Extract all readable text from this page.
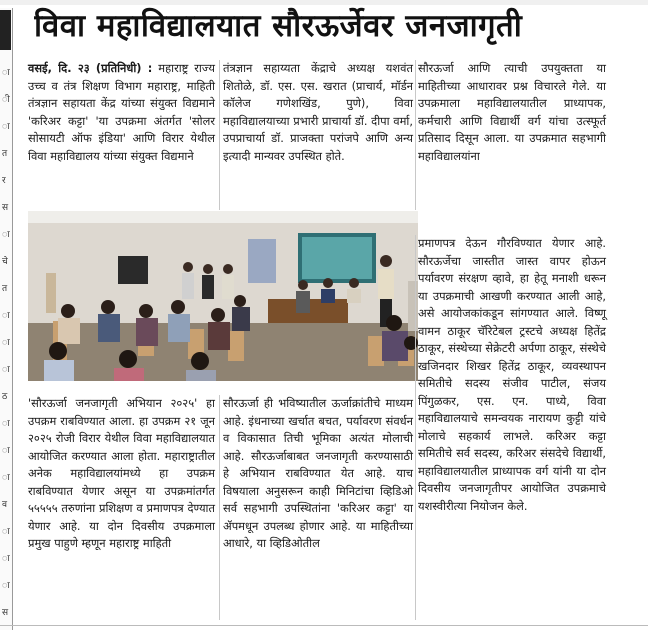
ा
ी
ा
त
र
स
ा
चे
त
ा
ा
ा
ठ
ा
ा
ा
व
ा
ा
ा
स
विवा महाविद्यालयात सौरऊर्जेवर जनजागृती

वसई, दि. २३ (प्रतिनिधी) : महाराष्ट्र राज्य उच्च व तंत्र शिक्षण विभाग महाराष्ट्र, माहिती तंत्रज्ञान सहायता केंद्र यांच्या संयुक्त विद्यमाने 'करिअर कट्टा' 'या उपक्रमा अंतर्गत 'सोलर सोसायटी ऑफ इंडिया' आणि विरार येथील विवा महाविद्यालय यांच्या संयुक्त विद्यमाने

तंत्रज्ञान सहाय्यता केंद्राचे अध्यक्ष यशवंत शितोळे, डॉ. एस. एस. खरात (प्राचार्य, मॉर्डन कॉलेज गणेशखिंड, पुणे), विवा महाविद्यालयाच्या प्रभारी प्राचार्या डॉ. दीपा वर्मा, उपप्राचार्या डॉ. प्राजक्ता परांजपे आणि अन्य इत्यादी मान्यवर उपस्थित होते.

सौरऊर्जा आणि त्याची उपयुक्तता या माहितीच्या आधारावर प्रश्न विचारले गेले. या उपक्रमाला महाविद्यालयातील प्राध्यापक, कर्मचारी आणि विद्यार्थी वर्ग यांचा उत्स्फूर्त प्रतिसाद दिसून आला. या उपक्रमात सहभागी महाविद्यालयांना

'सौरऊर्जा जनजागृती अभियान २०२५' हा उपक्रम राबविण्यात आला. हा उपक्रम २१ जून २०२५ रोजी विरार येथील विवा महाविद्यालयात आयोजित करण्यात आला होता. महाराष्ट्रातील अनेक महाविद्यालयांमध्ये हा उपक्रम राबविण्यात येणार असून या उपक्रमांतर्गत ५५५५५ तरुणांना प्रशिक्षण व प्रमाणपत्र देण्यात येणार आहे. या दोन दिवसीय उपक्रमाला प्रमुख पाहुणे म्हणून महाराष्ट्र माहिती

सौरऊर्जा ही भविष्यातील ऊर्जाक्रांतीचे माध्यम आहे. इंधनाच्या खर्चात बचत, पर्यावरण संवर्धन व विकासात तिची भूमिका अत्यंत मोलाची आहे. सौरऊर्जाबाबत जनजागृती करण्यासाठी हे अभियान राबविण्यात येत आहे. याच विषयाला अनुसरून काही मिनिटांचा व्हिडिओ सर्व सहभागी उपस्थितांना 'करिअर कट्टा' या ॲपमधून उपलब्ध होणार आहे. या माहितीच्या आधारे, या व्हिडिओतील

प्रमाणपत्र देऊन गौरविण्यात येणार आहे. सौरऊर्जेचा जास्तीत जास्त वापर होऊन पर्यावरण संरक्षण व्हावे, हा हेतू मनाशी धरून या उपक्रमाची आखणी करण्यात आली आहे, असे आयोजकांकडून सांगण्यात आले. विष्णू वामन ठाकूर चॅरिटेबल ट्रस्टचे अध्यक्ष हितेंद्र ठाकूर, संस्थेच्या सेक्रेटरी अर्पणा ठाकूर, संस्थेचे खजिनदार शिखर हितेंद्र ठाकूर, व्यवस्थापन समितीचे सदस्य संजीव पाटील, संजय पिंगुळकर, एस. एन. पाध्ये, विवा महाविद्यालयाचे समन्वयक नारायण कुट्टी यांचे मोलाचे सहकार्य लाभले. करिअर कट्टा समितीचे सर्व सदस्य, करिअर संसदेचे विद्यार्थी, महाविद्यालयातील प्राध्यापक वर्ग यांनी या दोन दिवसीय जनजागृतीपर आयोजित उपक्रमाचे यशस्वीरीत्या नियोजन केले.
